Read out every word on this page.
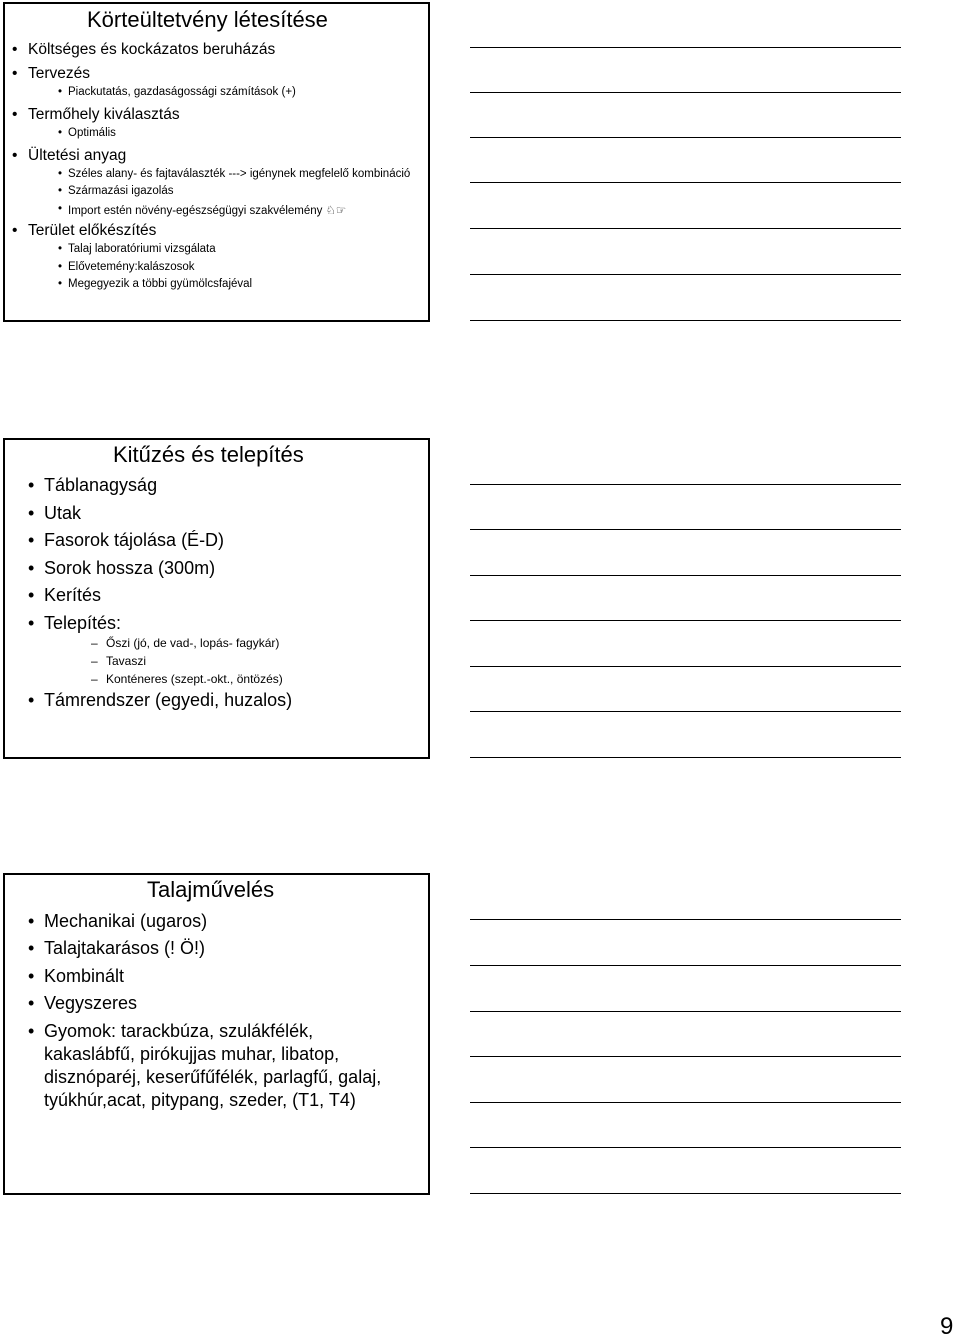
Körteültetvény létesítése
• Költséges és kockázatos beruházás
• Tervezés
• Piackutatás, gazdaságossági számítások (+)
• Termőhely kiválasztás
• Optimális
• Ültetési anyag
• Széles alany- és fajtaválaszték ---> igénynek megfelelő kombináció
• Származási igazolás
• Import estén növény-egészségügyi szakvélemény ♘☞
• Terület előkészítés
• Talaj laboratóriumi vizsgálata
• Elővetemény:kalászosok
• Megegyezik a többi gyümölcsfajéval
Kitűzés és telepítés
• Táblanagyság
• Utak
• Fasorok tájolása (É-D)
• Sorok hossza (300m)
• Kerítés
• Telepítés:
– Őszi (jó, de vad-, lopás- fagykár)
– Tavaszi
– Konténeres (szept.-okt., öntözés)
• Támrendszer (egyedi, huzalos)
Talajművelés
• Mechanikai (ugaros)
• Talajtakarásos (! Ö!)
• Kombinált
• Vegyszeres
• Gyomok: tarackbúza, szulákfélék, kakaslábfű, pirókujjas muhar, libatop, disznóparéj, keserűfűfélék, parlagfű, galaj, tyúkhúr,acat, pitypang, szeder, (T1, T4)
9
